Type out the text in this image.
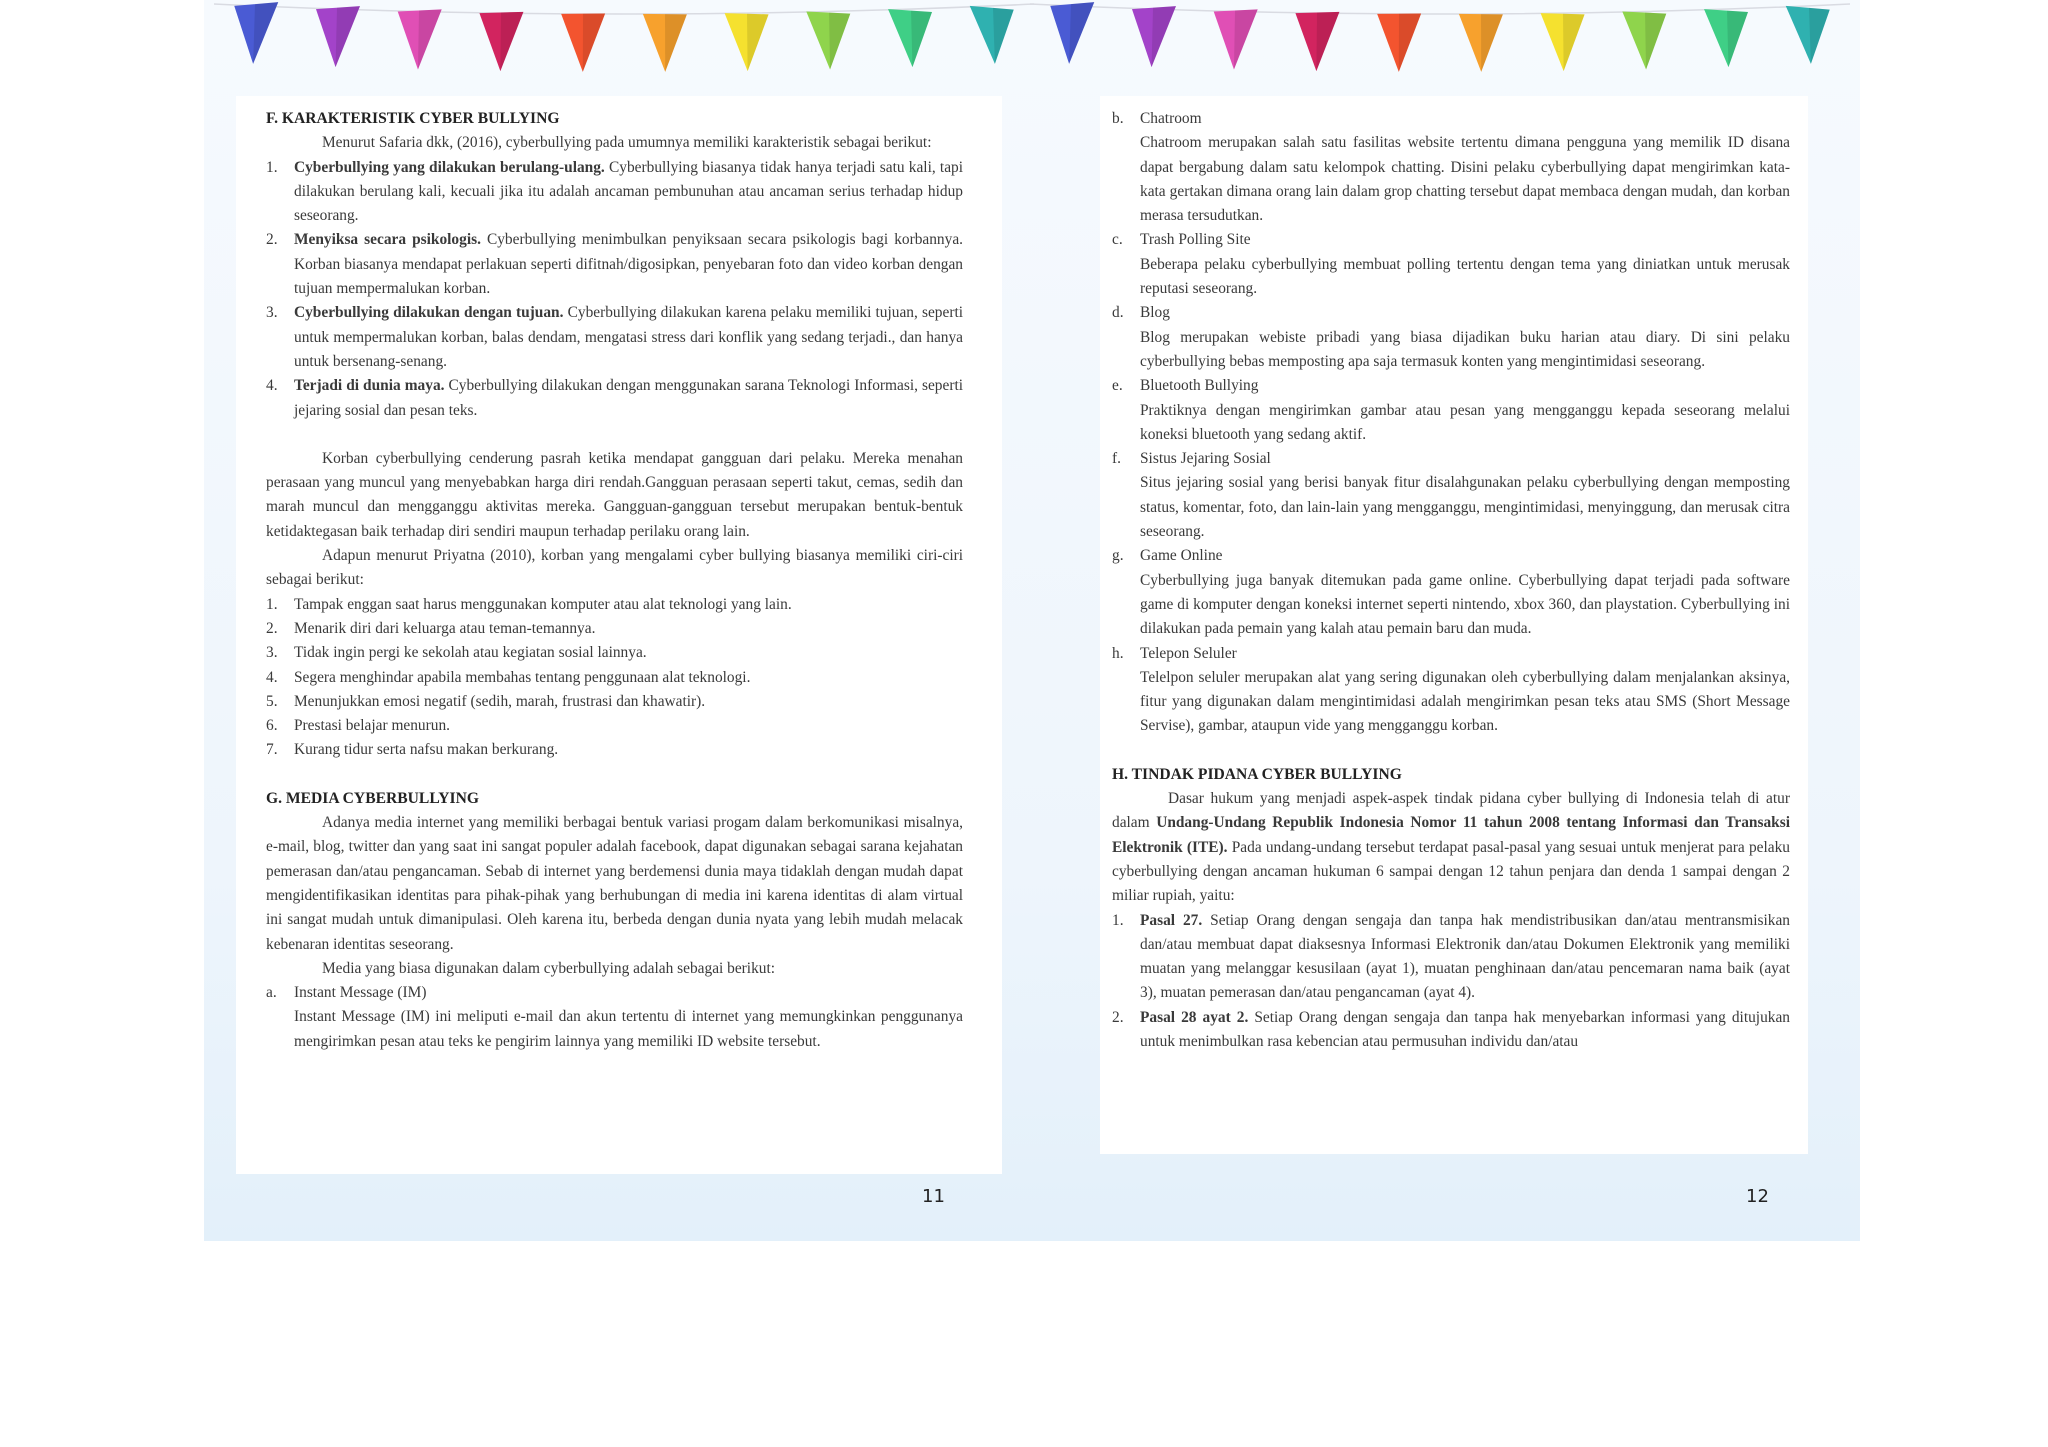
F. KARAKTERISTIK CYBER BULLYING

Menurut Safaria dkk, (2016), cyberbullying pada umumnya memiliki karakteristik sebagai berikut:

1. Cyberbullying yang dilakukan berulang-ulang. Cyberbullying biasanya tidak hanya terjadi satu kali, tapi dilakukan berulang kali, kecuali jika itu adalah ancaman pembunuhan atau ancaman serius terhadap hidup seseorang.
2. Menyiksa secara psikologis. Cyberbullying menimbulkan penyiksaan secara psikologis bagi korbannya. Korban biasanya mendapat perlakuan seperti difitnah/digosipkan, penyebaran foto dan video korban dengan tujuan mempermalukan korban.
3. Cyberbullying dilakukan dengan tujuan. Cyberbullying dilakukan karena pelaku memiliki tujuan, seperti untuk mempermalukan korban, balas dendam, mengatasi stress dari konflik yang sedang terjadi., dan hanya untuk bersenang-senang.
4. Terjadi di dunia maya. Cyberbullying dilakukan dengan menggunakan sarana Teknologi Informasi, seperti jejaring sosial dan pesan teks.

Korban cyberbullying cenderung pasrah ketika mendapat gangguan dari pelaku. Mereka menahan perasaan yang muncul yang menyebabkan harga diri rendah.Gangguan perasaan seperti takut, cemas, sedih dan marah muncul dan mengganggu aktivitas mereka. Gangguan-gangguan tersebut merupakan bentuk-bentuk ketidaktegasan baik terhadap diri sendiri maupun terhadap perilaku orang lain.

Adapun menurut Priyatna (2010), korban yang mengalami cyber bullying biasanya memiliki ciri-ciri sebagai berikut:

1. Tampak enggan saat harus menggunakan komputer atau alat teknologi yang lain.
2. Menarik diri dari keluarga atau teman-temannya.
3. Tidak ingin pergi ke sekolah atau kegiatan sosial lainnya.
4. Segera menghindar apabila membahas tentang penggunaan alat teknologi.
5. Menunjukkan emosi negatif (sedih, marah, frustrasi dan khawatir).
6. Prestasi belajar menurun.
7. Kurang tidur serta nafsu makan berkurang.

G. MEDIA CYBERBULLYING

Adanya media internet yang memiliki berbagai bentuk variasi progam dalam berkomunikasi misalnya, e-mail, blog, twitter dan yang saat ini sangat populer adalah facebook, dapat digunakan sebagai sarana kejahatan pemerasan dan/atau pengancaman. Sebab di internet yang berdemensi dunia maya tidaklah dengan mudah dapat mengidentifikasikan identitas para pihak-pihak yang berhubungan di media ini karena identitas di alam virtual ini sangat mudah untuk dimanipulasi. Oleh karena itu, berbeda dengan dunia nyata yang lebih mudah melacak kebenaran identitas seseorang.

Media yang biasa digunakan dalam cyberbullying adalah sebagai berikut:

a. Instant Message (IM)
Instant Message (IM) ini meliputi e-mail dan akun tertentu di internet yang memungkinkan penggunanya mengirimkan pesan atau teks ke pengirim lainnya yang memiliki ID website tersebut.
11
b. Chatroom
Chatroom merupakan salah satu fasilitas website tertentu dimana pengguna yang memilik ID disana dapat bergabung dalam satu kelompok chatting. Disini pelaku cyberbullying dapat mengirimkan kata-kata gertakan dimana orang lain dalam grop chatting tersebut dapat membaca dengan mudah, dan korban merasa tersudutkan.
c. Trash Polling Site
Beberapa pelaku cyberbullying membuat polling tertentu dengan tema yang diniatkan untuk merusak reputasi seseorang.
d. Blog
Blog merupakan webiste pribadi yang biasa dijadikan buku harian atau diary. Di sini pelaku cyberbullying bebas memposting apa saja termasuk konten yang mengintimidasi seseorang.
e. Bluetooth Bullying
Praktiknya dengan mengirimkan gambar atau pesan yang mengganggu kepada seseorang melalui koneksi bluetooth yang sedang aktif.
f. Sistus Jejaring Sosial
Situs jejaring sosial yang berisi banyak fitur disalahgunakan pelaku cyberbullying dengan memposting status, komentar, foto, dan lain-lain yang mengganggu, mengintimidasi, menyinggung, dan merusak citra seseorang.
g. Game Online
Cyberbullying juga banyak ditemukan pada game online. Cyberbullying dapat terjadi pada software game di komputer dengan koneksi internet seperti nintendo, xbox 360, dan playstation. Cyberbullying ini dilakukan pada pemain yang kalah atau pemain baru dan muda.
h. Telepon Seluler
Telelpon seluler merupakan alat yang sering digunakan oleh cyberbullying dalam menjalankan aksinya, fitur yang digunakan dalam mengintimidasi adalah mengirimkan pesan teks atau SMS (Short Message Servise), gambar, ataupun vide yang mengganggu korban.

H. TINDAK PIDANA CYBER BULLYING

Dasar hukum yang menjadi aspek-aspek tindak pidana cyber bullying di Indonesia telah di atur dalam Undang-Undang Republik Indonesia Nomor 11 tahun 2008 tentang Informasi dan Transaksi Elektronik (ITE). Pada undang-undang tersebut terdapat pasal-pasal yang sesuai untuk menjerat para pelaku cyberbullying dengan ancaman hukuman 6 sampai dengan 12 tahun penjara dan denda 1 sampai dengan 2 miliar rupiah, yaitu:

1. Pasal 27. Setiap Orang dengan sengaja dan tanpa hak mendistribusikan dan/atau mentransmisikan dan/atau membuat dapat diaksesnya Informasi Elektronik dan/atau Dokumen Elektronik yang memiliki muatan yang melanggar kesusilaan (ayat 1), muatan penghinaan dan/atau pencemaran nama baik (ayat 3), muatan pemerasan dan/atau pengancaman (ayat 4).
2. Pasal 28 ayat 2. Setiap Orang dengan sengaja dan tanpa hak menyebarkan informasi yang ditujukan untuk menimbulkan rasa kebencian atau permusuhan individu dan/atau
12
